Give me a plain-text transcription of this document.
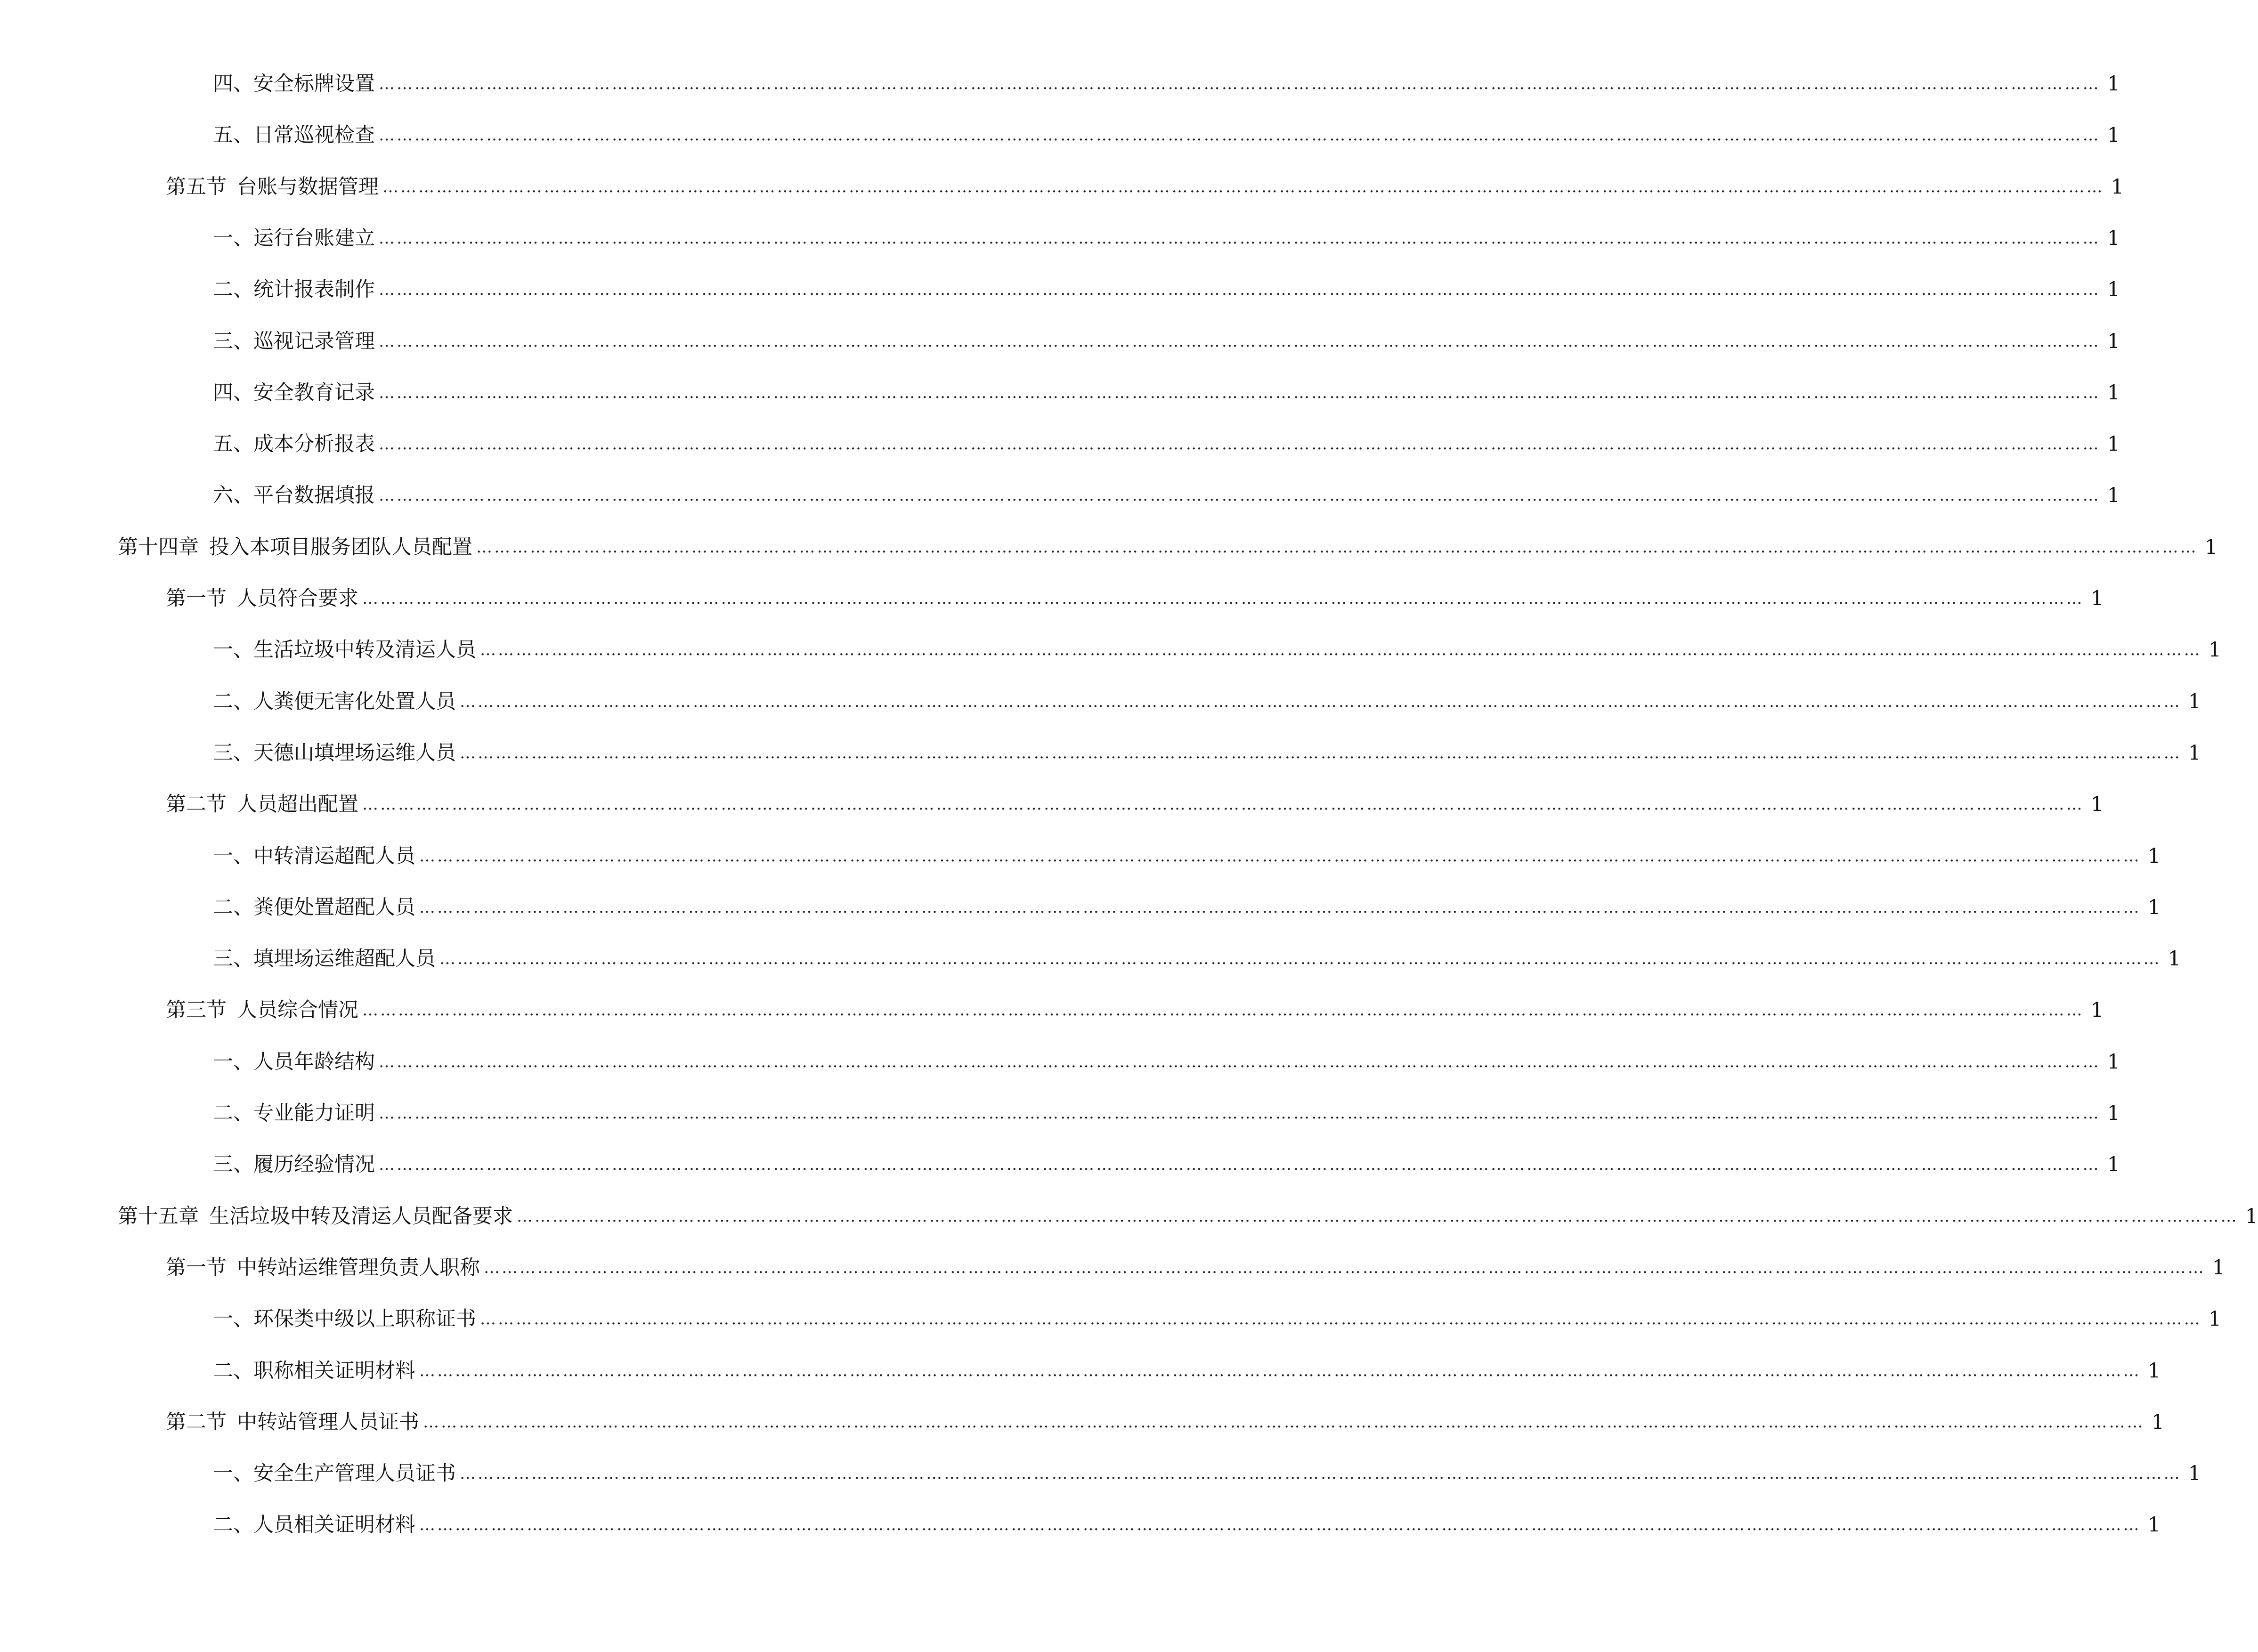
四、 安全标牌设置 ……………………………………………………………………………………………………………………………………………………………………………………………………………………………………………………………… 1
五、 日常巡视检查 ……………………………………………………………………………………………………………………………………………………………………………………………………………………………………………………………… 1
第五节 台账与数据管理 ……………………………………………………………………………………………………………………………………………………………………………………………………………………………………………………………… 1
一、 运行台账建立 ……………………………………………………………………………………………………………………………………………………………………………………………………………………………………………………………… 1
二、 统计报表制作 ……………………………………………………………………………………………………………………………………………………………………………………………………………………………………………………………… 1
三、 巡视记录管理 ……………………………………………………………………………………………………………………………………………………………………………………………………………………………………………………………… 1
四、 安全教育记录 ……………………………………………………………………………………………………………………………………………………………………………………………………………………………………………………………… 1
五、 成本分析报表 ……………………………………………………………………………………………………………………………………………………………………………………………………………………………………………………………… 1
六、 平台数据填报 ……………………………………………………………………………………………………………………………………………………………………………………………………………………………………………………………… 1
第十四章 投入本项目服务团队人员配置 ……………………………………………………………………………………………………………………………………………………………………………………………………………………………………………………………… 1
第一节 人员符合要求 ……………………………………………………………………………………………………………………………………………………………………………………………………………………………………………………………… 1
一、 生活垃圾中转及清运人员 ……………………………………………………………………………………………………………………………………………………………………………………………………………………………………………………………… 1
二、 人粪便无害化处置人员 ……………………………………………………………………………………………………………………………………………………………………………………………………………………………………………………………… 1
三、 天德山填埋场运维人员 ……………………………………………………………………………………………………………………………………………………………………………………………………………………………………………………………… 1
第二节 人员超出配置 ……………………………………………………………………………………………………………………………………………………………………………………………………………………………………………………………… 1
一、 中转清运超配人员 ……………………………………………………………………………………………………………………………………………………………………………………………………………………………………………………………… 1
二、 粪便处置超配人员 ……………………………………………………………………………………………………………………………………………………………………………………………………………………………………………………………… 1
三、 填埋场运维超配人员 ……………………………………………………………………………………………………………………………………………………………………………………………………………………………………………………………… 1
第三节 人员综合情况 ……………………………………………………………………………………………………………………………………………………………………………………………………………………………………………………………… 1
一、 人员年龄结构 ……………………………………………………………………………………………………………………………………………………………………………………………………………………………………………………………… 1
二、 专业能力证明 ……………………………………………………………………………………………………………………………………………………………………………………………………………………………………………………………… 1
三、 履历经验情况 ……………………………………………………………………………………………………………………………………………………………………………………………………………………………………………………………… 1
第十五章 生活垃圾中转及清运人员配备要求 ……………………………………………………………………………………………………………………………………………………………………………………………………………………………………………………………… 1
第一节 中转站运维管理负责人职称 ……………………………………………………………………………………………………………………………………………………………………………………………………………………………………………………………… 1
一、 环保类中级以上职称证书 ……………………………………………………………………………………………………………………………………………………………………………………………………………………………………………………………… 1
二、 职称相关证明材料 ……………………………………………………………………………………………………………………………………………………………………………………………………………………………………………………………… 1
第二节 中转站管理人员证书 ……………………………………………………………………………………………………………………………………………………………………………………………………………………………………………………………… 1
一、 安全生产管理人员证书 ……………………………………………………………………………………………………………………………………………………………………………………………………………………………………………………………… 1
二、 人员相关证明材料 ……………………………………………………………………………………………………………………………………………………………………………………………………………………………………………………………… 1
